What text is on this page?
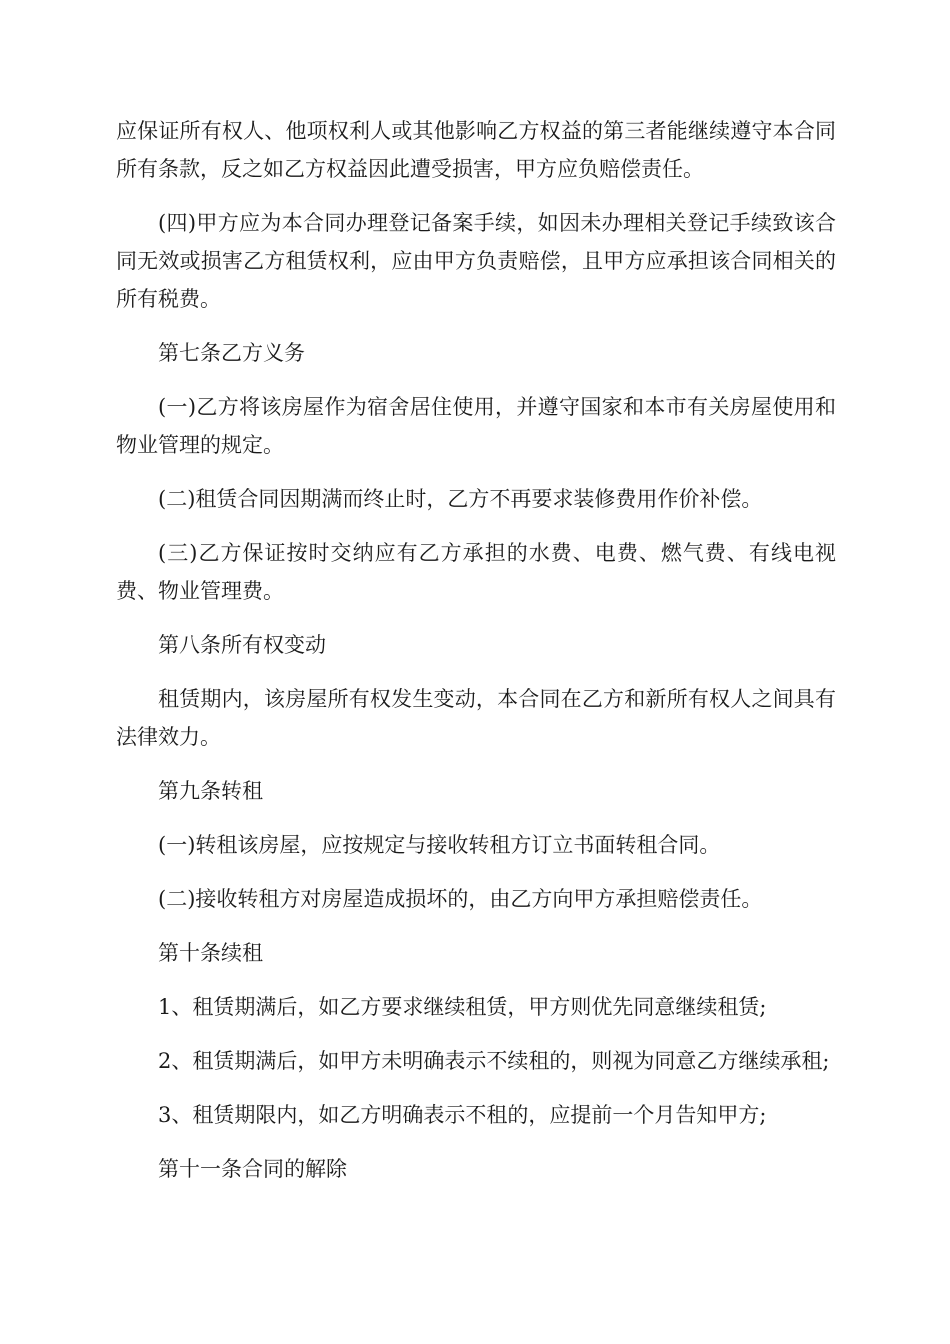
应保证所有权人、他项权利人或其他影响乙方权益的第三者能继续遵守本合同所有条款，反之如乙方权益因此遭受损害，甲方应负赔偿责任。

(四)甲方应为本合同办理登记备案手续，如因未办理相关登记手续致该合同无效或损害乙方租赁权利，应由甲方负责赔偿，且甲方应承担该合同相关的所有税费。

第七条乙方义务

(一)乙方将该房屋作为宿舍居住使用，并遵守国家和本市有关房屋使用和物业管理的规定。

(二)租赁合同因期满而终止时，乙方不再要求装修费用作价补偿。

(三)乙方保证按时交纳应有乙方承担的水费、电费、燃气费、有线电视费、物业管理费。

第八条所有权变动

租赁期内，该房屋所有权发生变动，本合同在乙方和新所有权人之间具有法律效力。

第九条转租

(一)转租该房屋，应按规定与接收转租方订立书面转租合同。

(二)接收转租方对房屋造成损坏的，由乙方向甲方承担赔偿责任。

第十条续租

1、租赁期满后，如乙方要求继续租赁，甲方则优先同意继续租赁;

2、租赁期满后，如甲方未明确表示不续租的，则视为同意乙方继续承租;

3、租赁期限内，如乙方明确表示不租的，应提前一个月告知甲方;

第十一条合同的解除
